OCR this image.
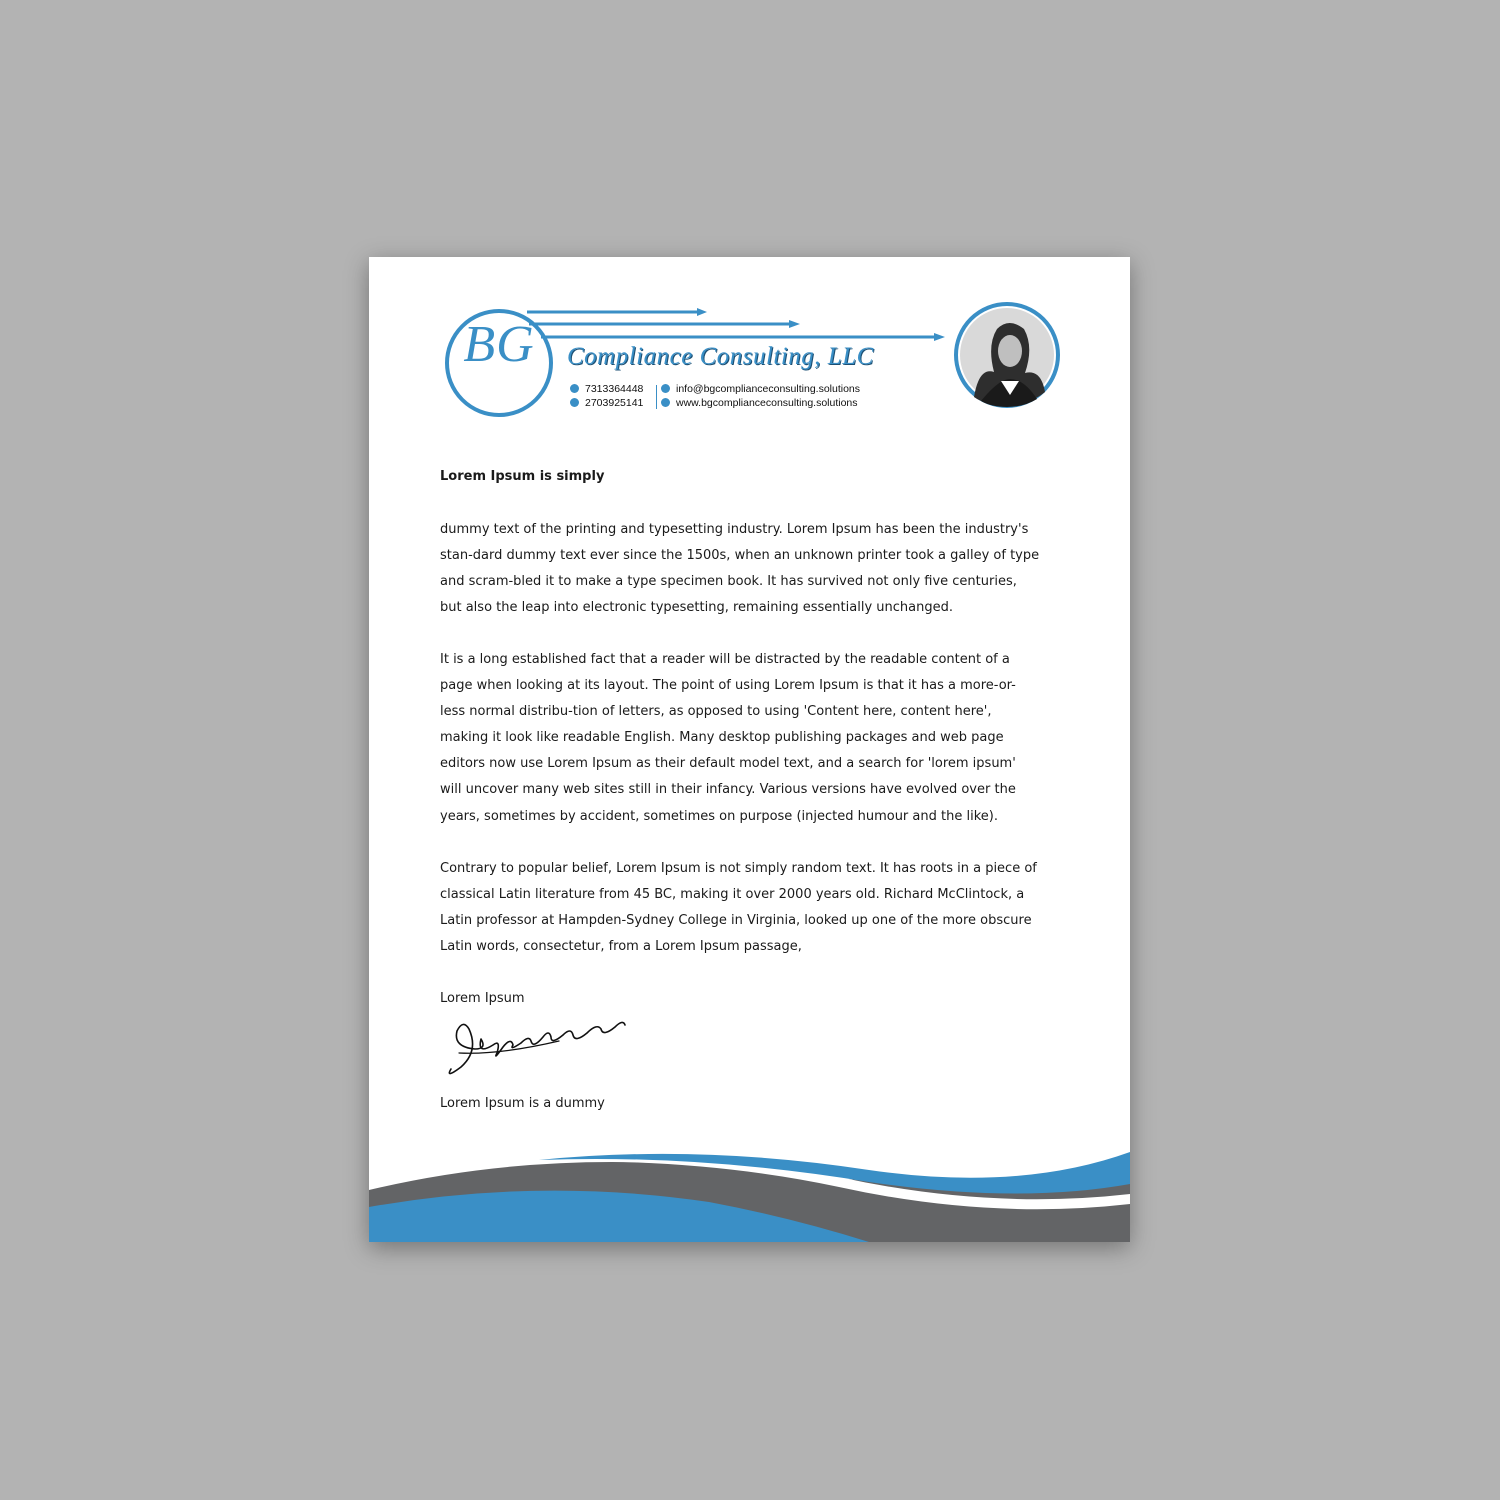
BG	Compliance Consulting, LLC
7313364448
2703925141
info@bgcomplianceconsulting.solutions
www.bgcomplianceconsulting.solutions
Lorem Ipsum is simply
dummy text of the printing and typesetting industry. Lorem Ipsum has been the industry's stan-dard dummy text ever since the 1500s, when an unknown printer took a galley of type and scram-bled it to make a type specimen book. It has survived not only five centuries, but also the leap into electronic typesetting, remaining essentially unchanged.
It is a long established fact that a reader will be distracted by the readable content of a page when looking at its layout. The point of using Lorem Ipsum is that it has a more-or-less normal distribu-tion of letters, as opposed to using 'Content here, content here', making it look like readable English. Many desktop publishing packages and web page editors now use Lorem Ipsum as their default model text, and a search for 'lorem ipsum' will uncover many web sites still in their infancy. Various versions have evolved over the years, sometimes by accident, sometimes on purpose (injected humour and the like).
Contrary to popular belief, Lorem Ipsum is not simply random text. It has roots in a piece of classical Latin literature from 45 BC, making it over 2000 years old. Richard McClintock, a Latin professor at Hampden-Sydney College in Virginia, looked up one of the more obscure Latin words, consectetur, from a Lorem Ipsum passage,
Lorem Ipsum
Lorem Ipsum is a dummy
